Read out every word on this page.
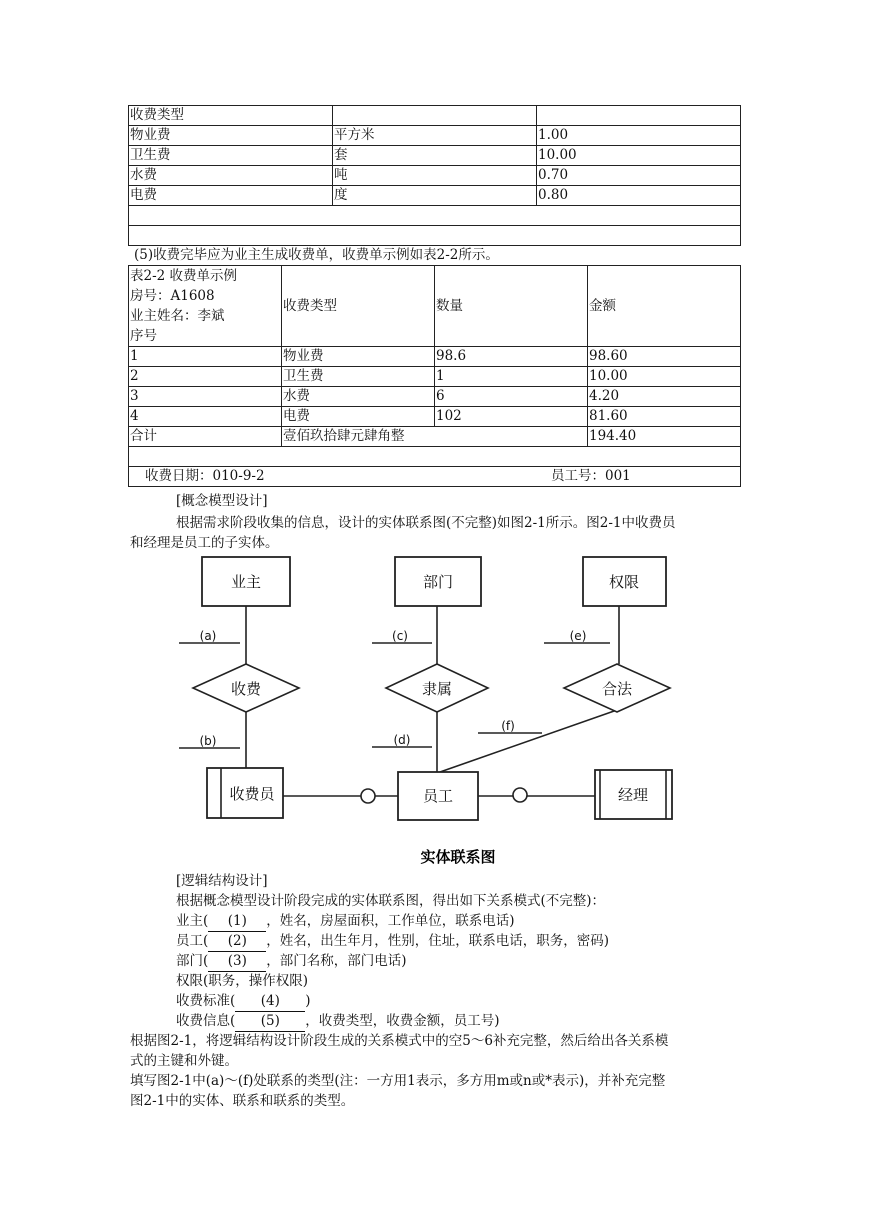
收费类型		
物业费	平方米	1.00
卫生费	套	10.00
水费	吨	0.70
电费	度	0.80

(5)收费完毕应为业主生成收费单，收费单示例如表2-2所示。
表2-2 收费单示例
房号：A1608
业主姓名：李斌
序号	收费类型	数量	金额
1	物业费	98.6	98.60
2	卫生费	1	10.00
3	水费	6	4.20
4	电费	102	81.60
合计	壹佰玖拾肆元肆角整		194.40

收费日期：010-9-2 员工号：001			
[概念模型设计]
根据需求阶段收集的信息，设计的实体联系图(不完整)如图2-1所示。图2-1中收费员
和经理是员工的子实体。
业主	部门	权限
收费员	员工	经理
收费	隶属	合法
(a)
(b)
(c)
(d)
(e)
(f)
实体联系图
[逻辑结构设计]
根据概念模型设计阶段完成的实体联系图，得出如下关系模式(不完整)：
业主( (1) ，姓名，房屋面积，工作单位，联系电话)
员工( (2) ，姓名，出生年月，性别，住址，联系电话，职务，密码)
部门( (3) ，部门名称，部门电话)
权限(职务，操作权限)
收费标准( (4) )
收费信息( (5) ，收费类型，收费金额，员工号)
根据图2-1，将逻辑结构设计阶段生成的关系模式中的空5～6补充完整，然后给出各关系模
式的主键和外键。
填写图2-1中(a)～(f)处联系的类型(注：一方用1表示，多方用m或n或*表示)，并补充完整
图2-1中的实体、联系和联系的类型。
